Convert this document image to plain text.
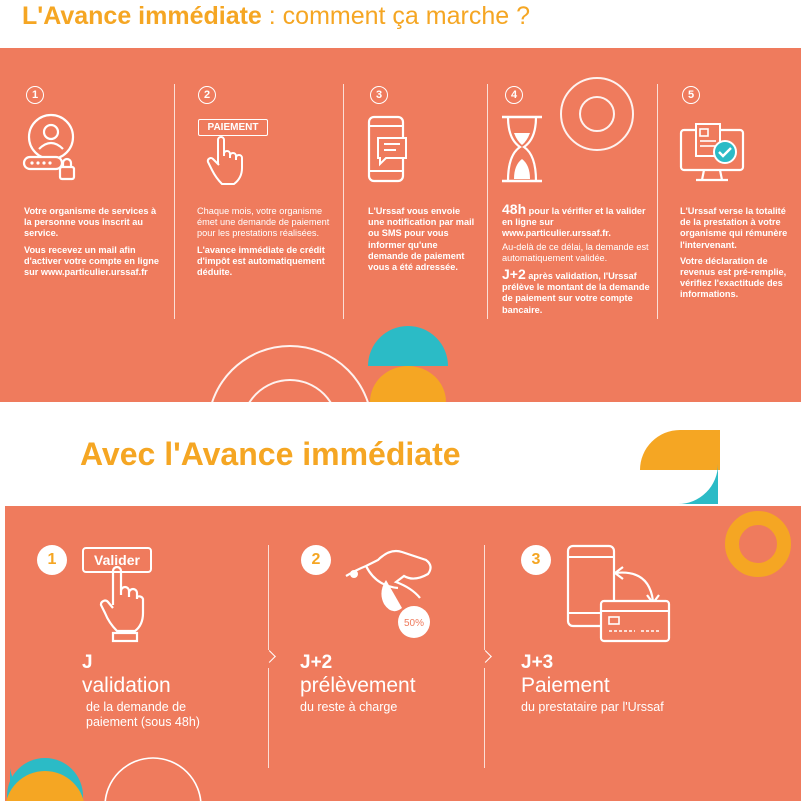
L'Avance immédiate : comment ça marche ?
1

Votre organisme de services à la personne vous inscrit au service.

Vous recevez un mail afin d'activer votre compte en ligne sur www.particulier.urssaf.fr

2
PAIEMENT

Chaque mois, votre organisme émet une demande de paiement pour les prestations réalisées.

L'avance immédiate de crédit d'impôt est automatiquement déduite.

3

L'Urssaf vous envoie une notification par mail ou SMS pour vous informer qu'une demande de paiement vous a été adressée.

4

48h pour la vérifier et la valider en ligne sur www.particulier.urssaf.fr.

Au-delà de ce délai, la demande est automatiquement validée.

J+2 après validation, l'Urssaf prélève le montant de la demande de paiement sur votre compte bancaire.

5

L'Urssaf verse la totalité de la prestation à votre organisme qui rémunère l'intervenant.

Votre déclaration de revenus est pré-remplie, vérifiez l'exactitude des informations.

Avec l'Avance immédiate
1	Valider
J
validation
de la demande de paiement (sous 48h)
2
50%
J+2
prélèvement
du reste à charge
3
J+3
Paiement
du prestataire par l'Urssaf
